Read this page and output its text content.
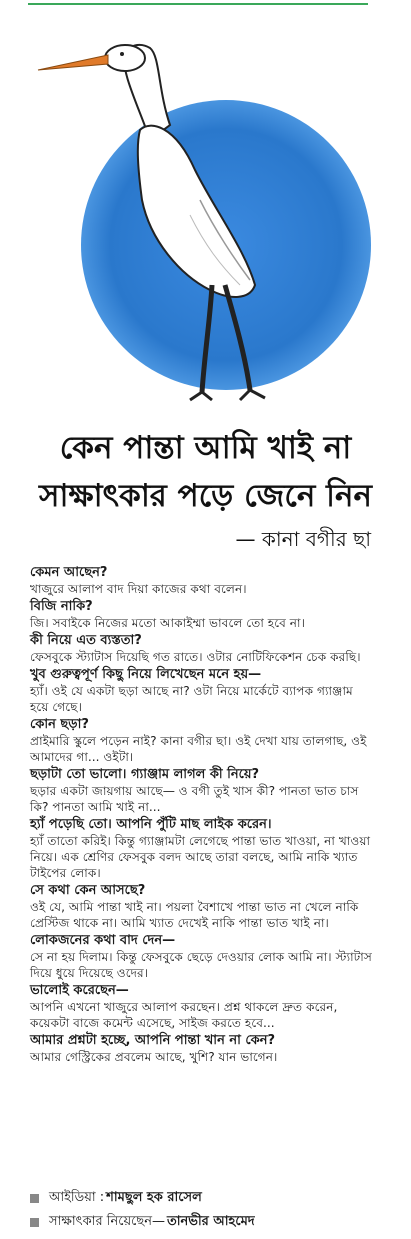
কেন পান্তা আমি খাই না
সাক্ষাৎকার পড়ে জেনে নিন
— কানা বগীর ছা

কেমন আছেন?

খাজুরে আলাপ বাদ দিয়া কাজের কথা বলেন।

বিজি নাকি?

জি। সবাইকে নিজের মতো আকাইম্মা ভাবলে তো হবে না।

কী নিয়ে এত ব্যস্ততা?

ফেসবুকে স্ট্যাটাস দিয়েছি গত রাতে। ওটার নোটিফিকেশন চেক করছি।

খুব গুরুত্বপূর্ণ কিছু নিয়ে লিখেছেন মনে হয়—

হ্যাঁ। ওই যে একটা ছড়া আছে না? ওটা নিয়ে মার্কেটে ব্যাপক গ্যাঞ্জাম হয়ে গেছে।

কোন ছড়া?

প্রাইমারি স্কুলে পড়েন নাই? কানা বগীর ছা। ওই দেখা যায় তালগাছ, ওই আমাদের গা... ওইটা।

ছড়াটা তো ভালো। গ্যাঞ্জাম লাগল কী নিয়ে?

ছড়ার একটা জায়গায় আছে— ও বগী তুই খাস কী? পানতা ভাত চাস কি? পানতা আমি খাই না...

হ্যাঁ পড়েছি তো। আপনি পুঁটি মাছ লাইক করেন।

হ্যাঁ তাতো করিই। কিন্তু গ্যাঞ্জামটা লেগেছে পান্তা ভাত খাওয়া, না খাওয়া নিয়ে। এক শ্রেণির ফেসবুক বলদ আছে তারা বলছে, আমি নাকি খ্যাত টাইপের লোক।

সে কথা কেন আসছে?

ওই যে, আমি পান্তা খাই না। পয়লা বৈশাখে পান্তা ভাত না খেলে নাকি প্রেস্টিজ থাকে না। আমি খ্যাত দেখেই নাকি পান্তা ভাত খাই না।

লোকজনের কথা বাদ দেন—

সে না হয় দিলাম। কিন্তু ফেসবুকে ছেড়ে দেওয়ার লোক আমি না। স্ট্যাটাস দিয়ে ধুয়ে দিয়েছে ওদের।

ভালোই করেছেন—

আপনি এখনো খাজুরে আলাপ করছেন। প্রশ্ন থাকলে দ্রুত করেন, কয়েকটা বাজে কমেন্ট এসেছে, সাইজ করতে হবে...

আমার প্রশ্নটা হচ্ছে, আপনি পান্তা খান না কেন?

আমার গেস্ট্রিকের প্রবলেম আছে, খুশি? যান ভাগেন।

আইডিয়া : শামছুল হক রাসেল
সাক্ষাৎকার নিয়েছেন— তানভীর আহমেদ
